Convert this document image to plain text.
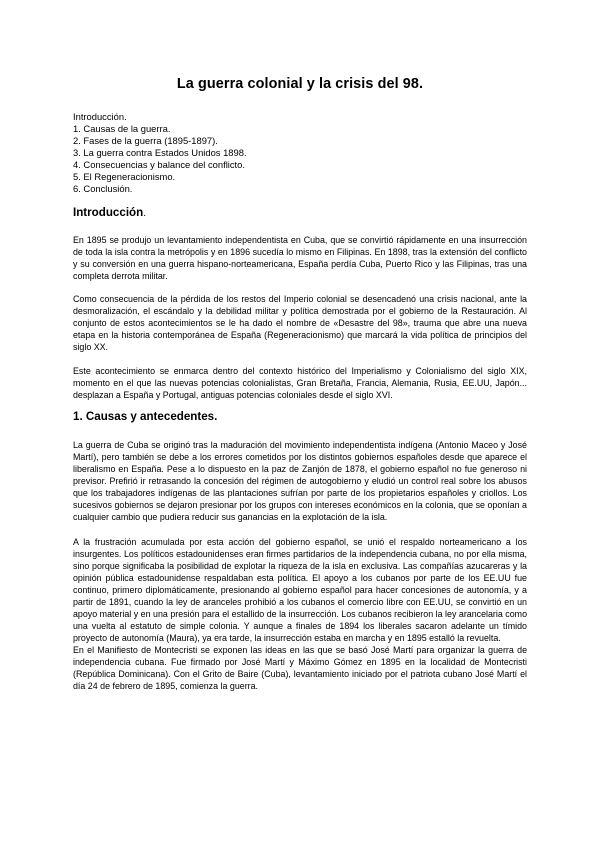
La guerra colonial y la crisis del 98.
Introducción.
1. Causas de la guerra.
2. Fases de la guerra (1895-1897).
3. La guerra contra Estados Unidos 1898.
4. Consecuencias y balance del conflicto.
5. El Regeneracionismo.
6. Conclusión.
Introducción.

En 1895 se produjo un levantamiento independentista en Cuba, que se convirtió rápidamente en una insurrección de toda la isla contra la metrópolis y en 1896 sucedía lo mismo en Filipinas. En 1898, tras la extensión del conflicto y su conversión en una guerra hispano-norteamericana, España perdía Cuba, Puerto Rico y las Filipinas, tras una completa derrota militar.

Como consecuencia de la pérdida de los restos del Imperio colonial se desencadenó una crisis nacional, ante la desmoralización, el escándalo y la debilidad militar y política demostrada por el gobierno de la Restauración. Al conjunto de estos acontecimientos se le ha dado el nombre de «Desastre del 98», trauma que abre una nueva etapa en la historia contemporánea de España (Regeneracionismo) que marcará la vida política de principios del siglo XX.

Este acontecimiento se enmarca dentro del contexto histórico del Imperialismo y Colonialismo del siglo XIX, momento en el que las nuevas potencias colonialistas, Gran Bretaña, Francia, Alemania, Rusia, EE.UU, Japón... desplazan a España y Portugal, antiguas potencias coloniales desde el siglo XVI.

1. Causas y antecedentes.

La guerra de Cuba se originó tras la maduración del movimiento independentista indígena (Antonio Maceo y José Martí), pero también se debe a los errores cometidos por los distintos gobiernos españoles desde que aparece el liberalismo en España. Pese a lo dispuesto en la paz de Zanjón de 1878, el gobierno español no fue generoso ni previsor. Prefirió ir retrasando la concesión del régimen de autogobierno y eludió un control real sobre los abusos que los trabajadores indígenas de las plantaciones sufrían por parte de los propietarios españoles y criollos. Los sucesivos gobiernos se dejaron presionar por los grupos con intereses económicos en la colonia, que se oponían a cualquier cambio que pudiera reducir sus ganancias en la explotación de la isla.

A la frustración acumulada por esta acción del gobierno español, se unió el respaldo norteamericano a los insurgentes. Los políticos estadounidenses eran firmes partidarios de la independencia cubana, no por ella misma, sino porque significaba la posibilidad de explotar la riqueza de la isla en exclusiva. Las compañías azucareras y la opinión pública estadounidense respaldaban esta política. El apoyo a los cubanos por parte de los EE.UU fue continuo, primero diplomáticamente, presionando al gobierno español para hacer concesiones de autonomía, y a partir de 1891, cuando la ley de aranceles prohibió a los cubanos el comercio libre con EE.UU, se convirtió en un apoyo material y en una presión para el estallido de la insurrección. Los cubanos recibieron la ley arancelaria como una vuelta al estatuto de simple colonia. Y aunque a finales de 1894 los liberales sacaron adelante un tímido proyecto de autonomía (Maura), ya era tarde, la insurrección estaba en marcha y en 1895 estalló la revuelta.

En el Manifiesto de Montecristi se exponen las ideas en las que se basó José Martí para organizar la guerra de independencia cubana. Fue firmado por José Martí y Máximo Gómez en 1895 en la localidad de Montecristi (República Dominicana). Con el Grito de Baire (Cuba), levantamiento iniciado por el patriota cubano José Martí el día 24 de febrero de 1895, comienza la guerra.
